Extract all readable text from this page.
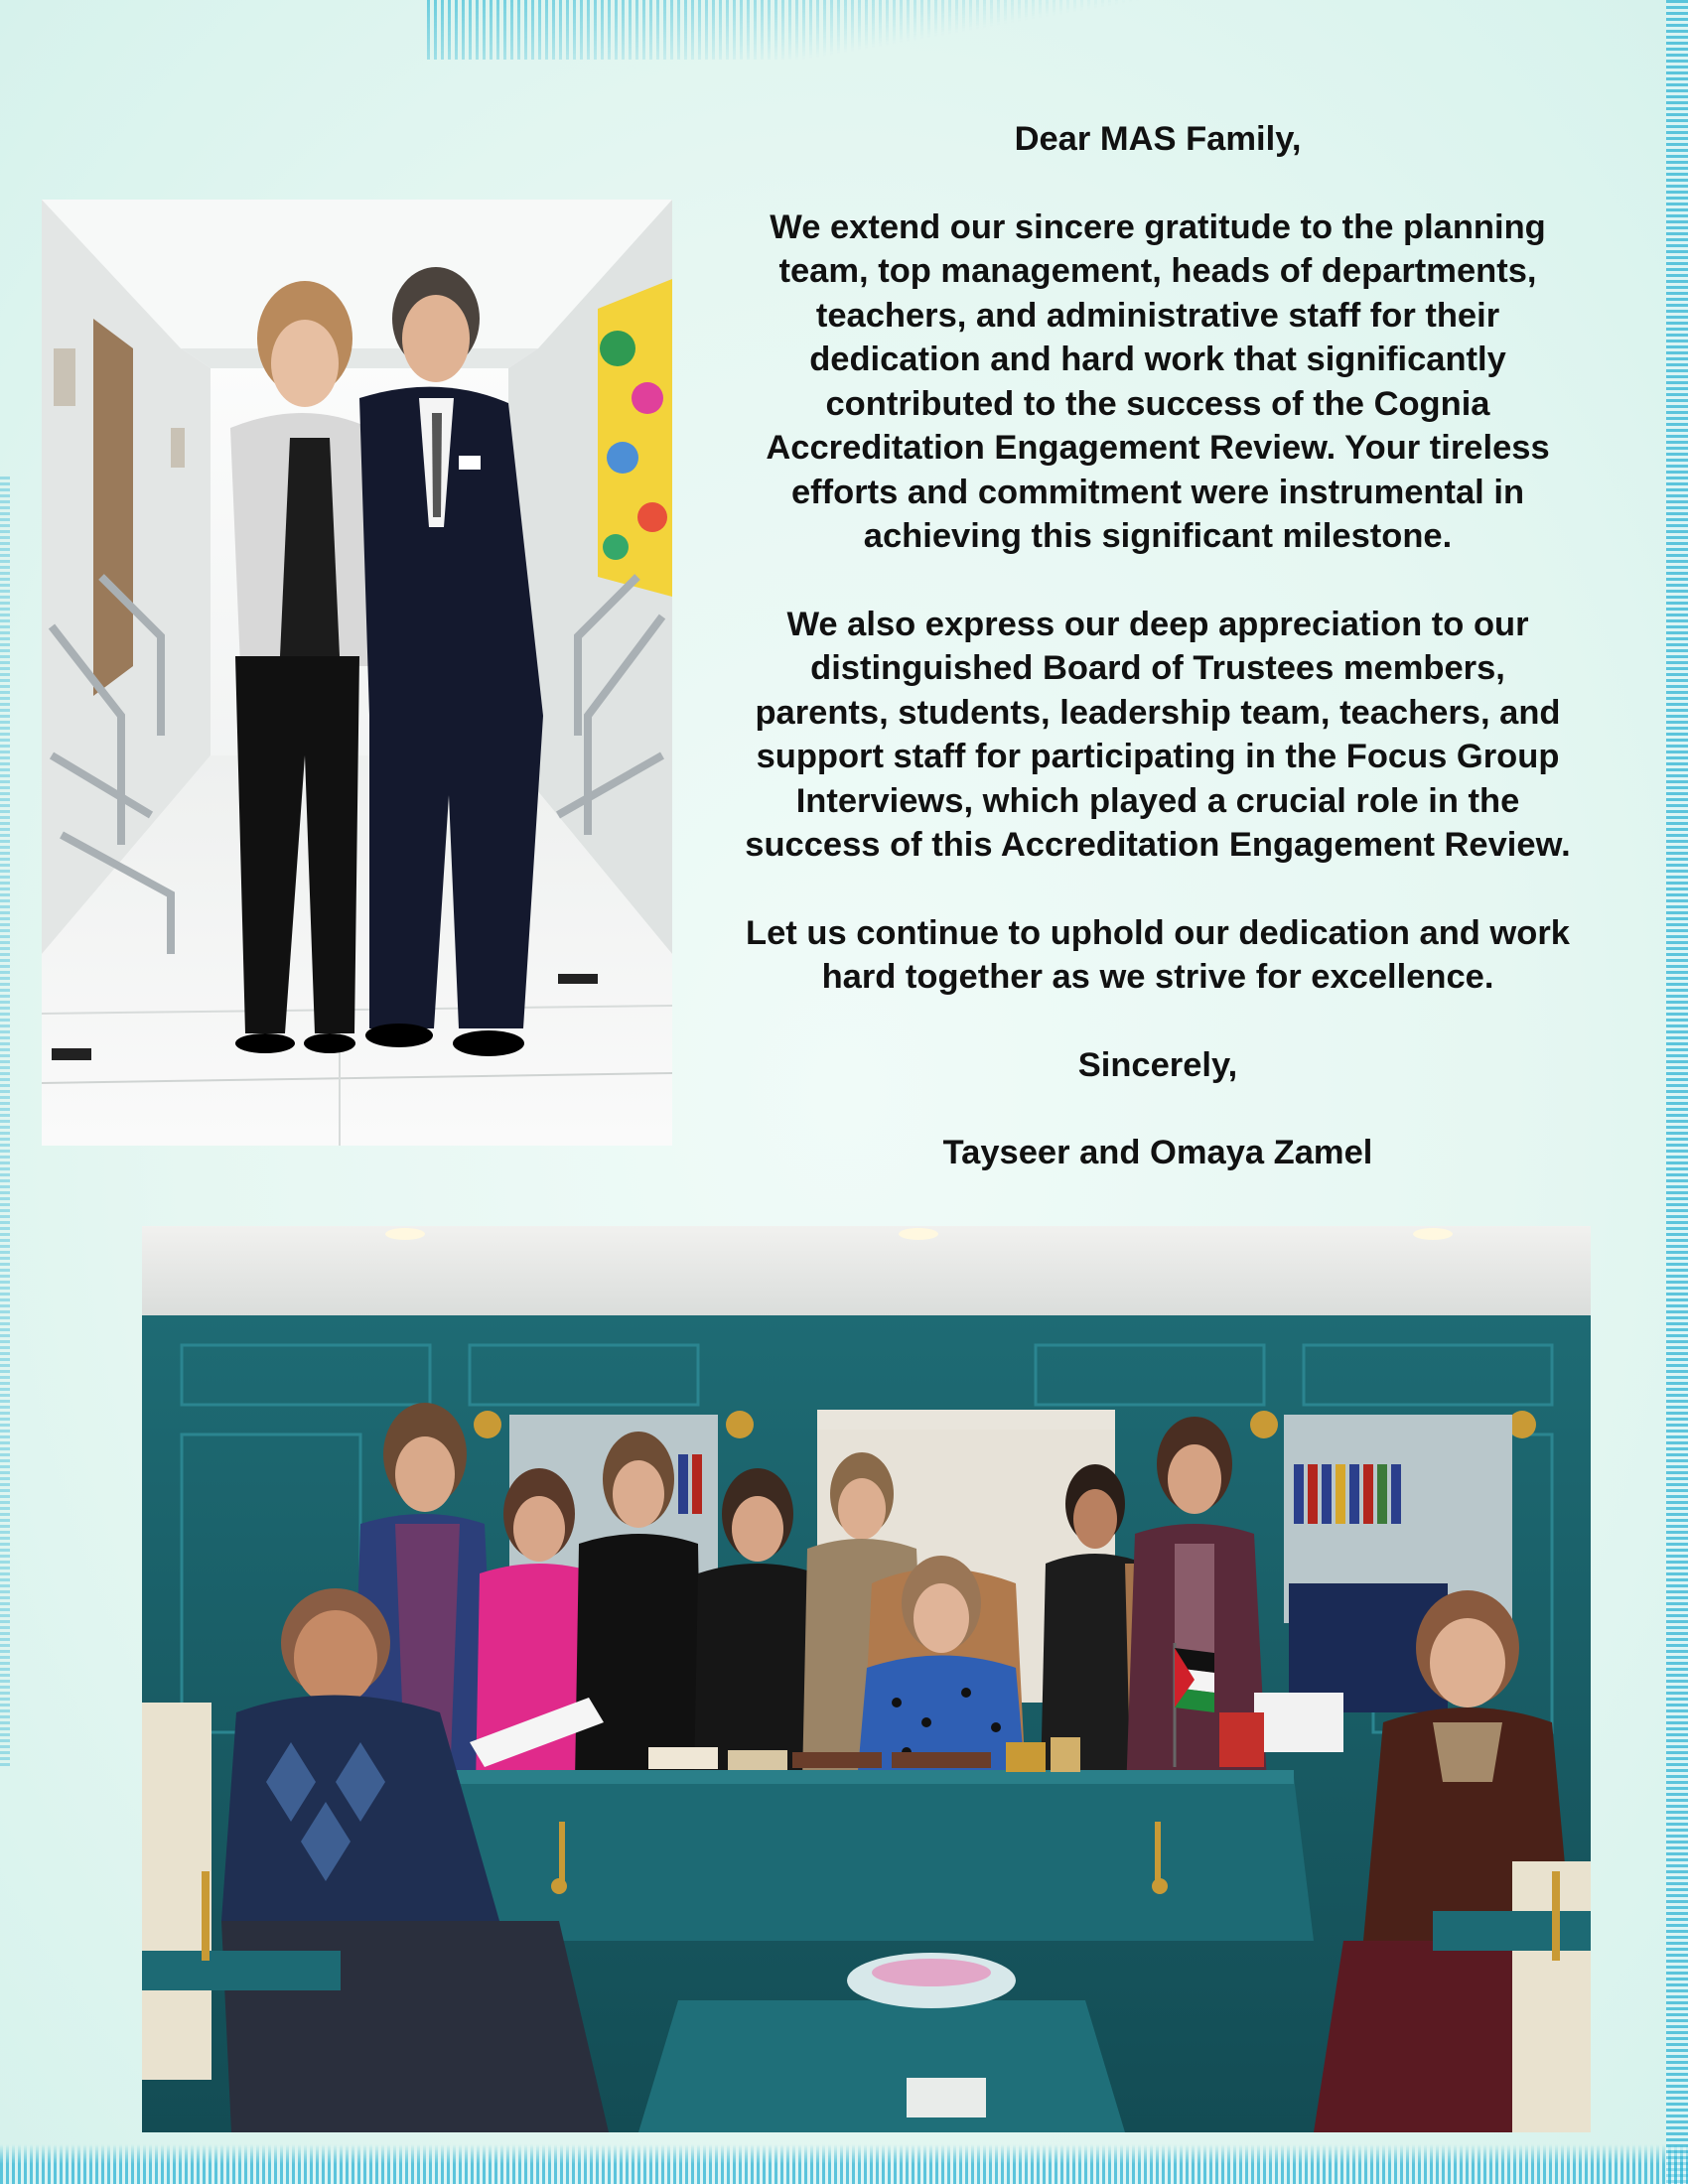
Dear MAS Family,

We extend our sincere gratitude to the planning
team, top management, heads of departments,
teachers, and administrative staff for their
dedication and hard work that significantly
contributed to the success of the Cognia
Accreditation Engagement Review. Your tireless
efforts and commitment were instrumental in
achieving this significant milestone.

We also express our deep appreciation to our
distinguished Board of Trustees members,
parents, students, leadership team, teachers, and
support staff for participating in the Focus Group
Interviews, which played a crucial role in the
success of this Accreditation Engagement Review.

Let us continue to uphold our dedication and work
hard together as we strive for excellence.

Sincerely,

Tayseer and Omaya Zamel
